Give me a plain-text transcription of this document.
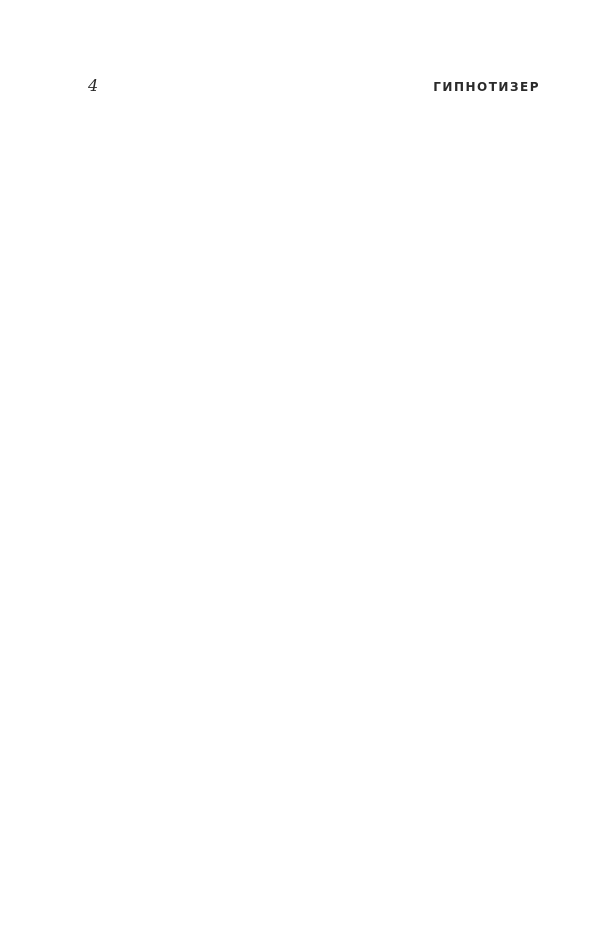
4	ГИПНОТИЗЕР
